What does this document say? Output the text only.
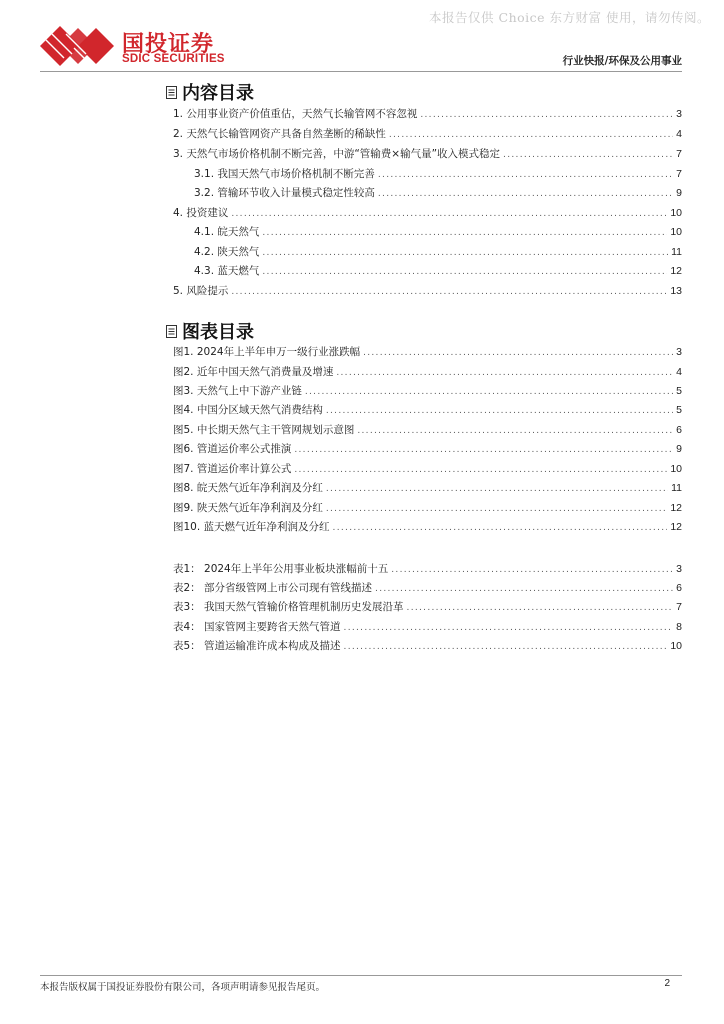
本报告仅供 Choice 东方财富 使用，请勿传阅。
国投证券
SDIC SECURITIES	行业快报/环保及公用事业
内容目录
1. 公用事业资产价值重估，天然气长输管网不容忽视 .....	3
2. 天然气长输管网资产具备自然垄断的稀缺性 .....	4
3. 天然气市场价格机制不断完善，中游“管输费×输气量”收入模式稳定 .....	7
3.1. 我国天然气市场价格机制不断完善 .....	7
3.2. 管输环节收入计量模式稳定性较高 .....	9
4. 投资建议 .....	10
4.1. 皖天然气 .....	10
4.2. 陕天然气 .....	11
4.3. 蓝天燃气 .....	12
5. 风险提示 .....	13
图表目录
图1. 2024年上半年申万一级行业涨跌幅 .....	3
图2. 近年中国天然气消费量及增速 .....	4
图3. 天然气上中下游产业链 .....	5
图4. 中国分区域天然气消费结构 .....	5
图5. 中长期天然气主干管网规划示意图 .....	6
图6. 管道运价率公式推演 .....	9
图7. 管道运价率计算公式 .....	10
图8. 皖天然气近年净利润及分红 .....	11
图9. 陕天然气近年净利润及分红 .....	12
图10. 蓝天燃气近年净利润及分红 .....	12
表1： 2024年上半年公用事业板块涨幅前十五 .....	3
表2： 部分省级管网上市公司现有管线描述 .....	6
表3： 我国天然气管输价格管理机制历史发展沿革 .....	7
表4： 国家管网主要跨省天然气管道 .....	8
表5： 管道运输准许成本构成及描述 .....	10
本报告版权属于国投证券股份有限公司，各项声明请参见报告尾页。	2
